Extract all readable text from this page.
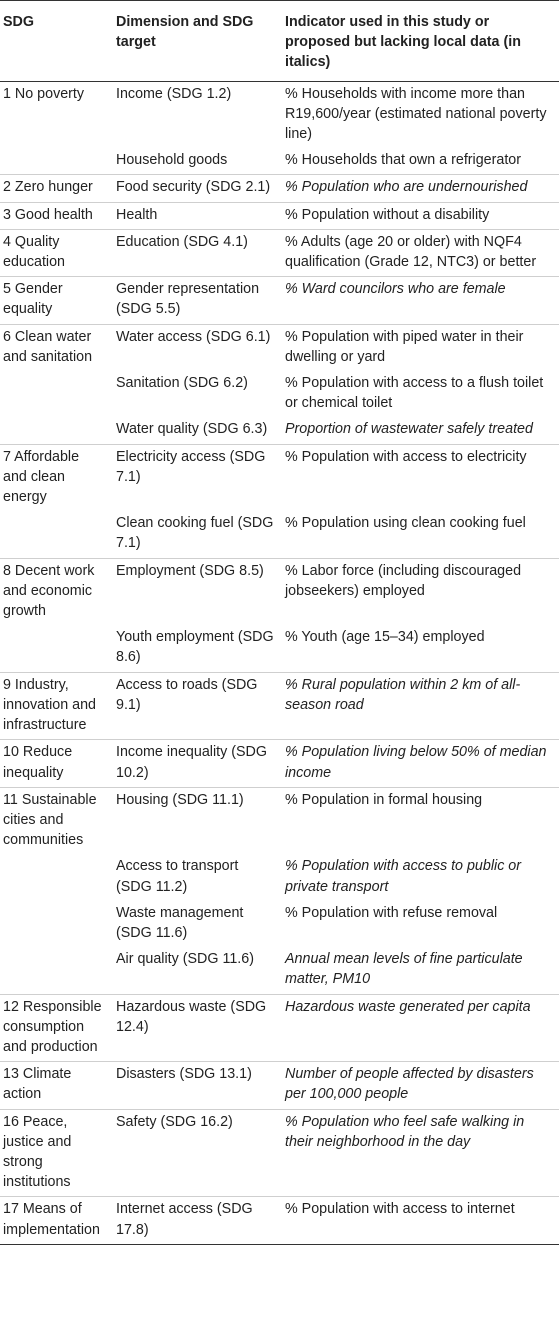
SDG	Dimension and SDG target	Indicator used in this study or proposed but lacking local data (in italics)
1 No poverty	Income (SDG 1.2)	% Households with income more than R19,600/year (estimated national poverty line)
	Household goods	% Households that own a refrigerator
2 Zero hunger	Food security (SDG 2.1)	% Population who are undernourished
3 Good health	Health	% Population without a disability
4 Quality education	Education (SDG 4.1)	% Adults (age 20 or older) with NQF4 qualification (Grade 12, NTC3) or better
5 Gender equality	Gender representation (SDG 5.5)	% Ward councilors who are female
6 Clean water and sanitation	Water access (SDG 6.1)	% Population with piped water in their dwelling or yard
	Sanitation (SDG 6.2)	% Population with access to a flush toilet or chemical toilet
	Water quality (SDG 6.3)	Proportion of wastewater safely treated
7 Affordable and clean energy	Electricity access (SDG 7.1)	% Population with access to electricity
	Clean cooking fuel (SDG 7.1)	% Population using clean cooking fuel
8 Decent work and economic growth	Employment (SDG 8.5)	% Labor force (including discouraged jobseekers) employed
	Youth employment (SDG 8.6)	% Youth (age 15–34) employed
9 Industry, innovation and infrastructure	Access to roads (SDG 9.1)	% Rural population within 2 km of all-season road
10 Reduce inequality	Income inequality (SDG 10.2)	% Population living below 50% of median income
11 Sustainable cities and communities	Housing (SDG 11.1)	% Population in formal housing
	Access to transport (SDG 11.2)	% Population with access to public or private transport
	Waste management (SDG 11.6)	% Population with refuse removal
	Air quality (SDG 11.6)	Annual mean levels of fine particulate matter, PM10
12 Responsible consumption and production	Hazardous waste (SDG 12.4)	Hazardous waste generated per capita
13 Climate action	Disasters (SDG 13.1)	Number of people affected by disasters per 100,000 people
16 Peace, justice and strong institutions	Safety (SDG 16.2)	% Population who feel safe walking in their neighborhood in the day
17 Means of implementation	Internet access (SDG 17.8)	% Population with access to internet
